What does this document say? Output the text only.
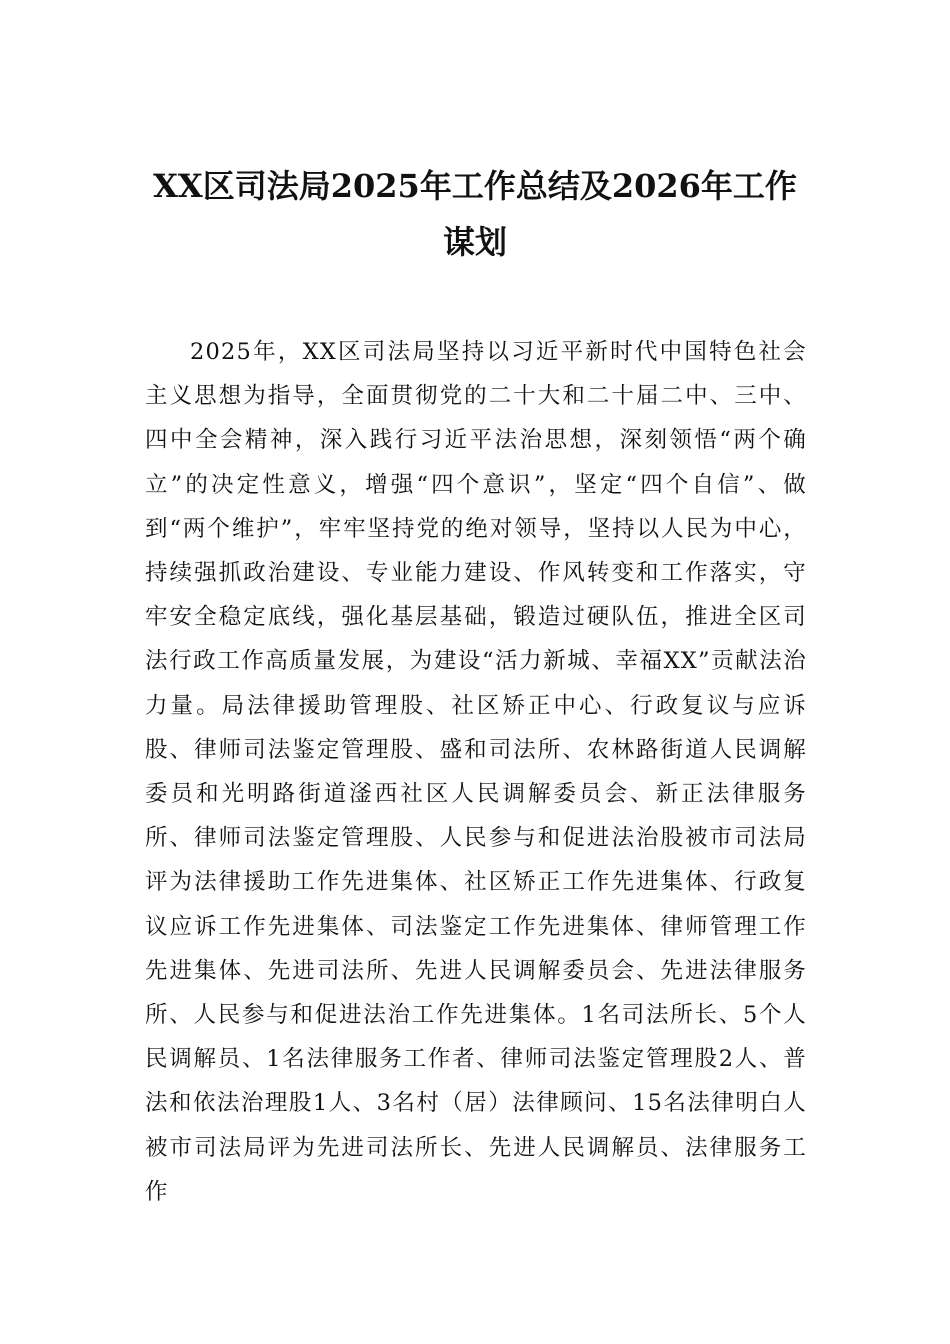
XX区司法局2025年工作总结及2026年工作谋划

2025年，XX区司法局坚持以习近平新时代中国特色社会主义思想为指导，全面贯彻党的二十大和二十届二中、三中、四中全会精神，深入践行习近平法治思想，深刻领悟“两个确立”的决定性意义，增强“四个意识”，坚定“四个自信”、做到“两个维护”，牢牢坚持党的绝对领导，坚持以人民为中心，持续强抓政治建设、专业能力建设、作风转变和工作落实，守牢安全稳定底线，强化基层基础，锻造过硬队伍，推进全区司法行政工作高质量发展，为建设“活力新城、幸福XX”贡献法治力量。局法律援助管理股、社区矫正中心、行政复议与应诉股、律师司法鉴定管理股、盛和司法所、农林路街道人民调解委员和光明路街道滏西社区人民调解委员会、新正法律服务所、律师司法鉴定管理股、人民参与和促进法治股被市司法局评为法律援助工作先进集体、社区矫正工作先进集体、行政复议应诉工作先进集体、司法鉴定工作先进集体、律师管理工作先进集体、先进司法所、先进人民调解委员会、先进法律服务所、人民参与和促进法治工作先进集体。1名司法所长、5个人民调解员、1名法律服务工作者、律师司法鉴定管理股2人、普法和依法治理股1人、3名村（居）法律顾问、15名法律明白人被市司法局评为先进司法所长、先进人民调解员、法律服务工作
